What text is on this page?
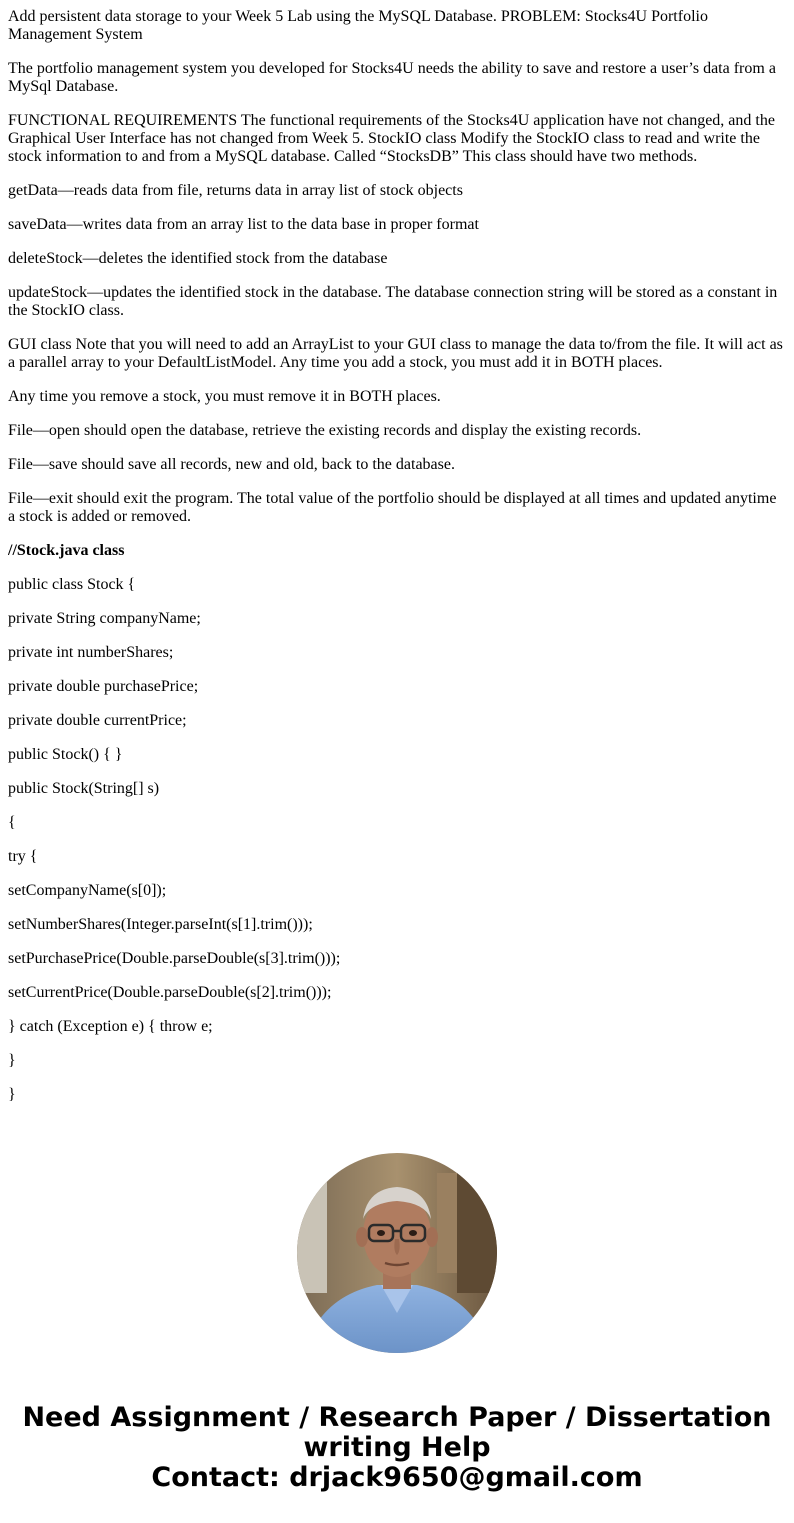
Add persistent data storage to your Week 5 Lab using the MySQL Database. PROBLEM: Stocks4U Portfolio Management System

The portfolio management system you developed for Stocks4U needs the ability to save and restore a user’s data from a MySql Database.

FUNCTIONAL REQUIREMENTS The functional requirements of the Stocks4U application have not changed, and the Graphical User Interface has not changed from Week 5. StockIO class Modify the StockIO class to read and write the stock information to and from a MySQL database. Called “StocksDB” This class should have two methods.

getData—reads data from file, returns data in array list of stock objects

saveData—writes data from an array list to the data base in proper format

deleteStock—deletes the identified stock from the database

updateStock—updates the identified stock in the database. The database connection string will be stored as a constant in the StockIO class.

GUI class Note that you will need to add an ArrayList to your GUI class to manage the data to/from the file. It will act as a parallel array to your DefaultListModel. Any time you add a stock, you must add it in BOTH places.

Any time you remove a stock, you must remove it in BOTH places.

File—open should open the database, retrieve the existing records and display the existing records.

File—save should save all records, new and old, back to the database.

File—exit should exit the program. The total value of the portfolio should be displayed at all times and updated anytime a stock is added or removed.

//Stock.java class

public class Stock {

private String companyName;

private int numberShares;

private double purchasePrice;

private double currentPrice;

public Stock() { }

public Stock(String[] s)

{

try {

setCompanyName(s[0]);

setNumberShares(Integer.parseInt(s[1].trim()));

setPurchasePrice(Double.parseDouble(s[3].trim()));

setCurrentPrice(Double.parseDouble(s[2].trim()));

} catch (Exception e) { throw e;

}

}

Need Assignment / Research Paper / Dissertation
writing Help
Contact: drjack9650@gmail.com
